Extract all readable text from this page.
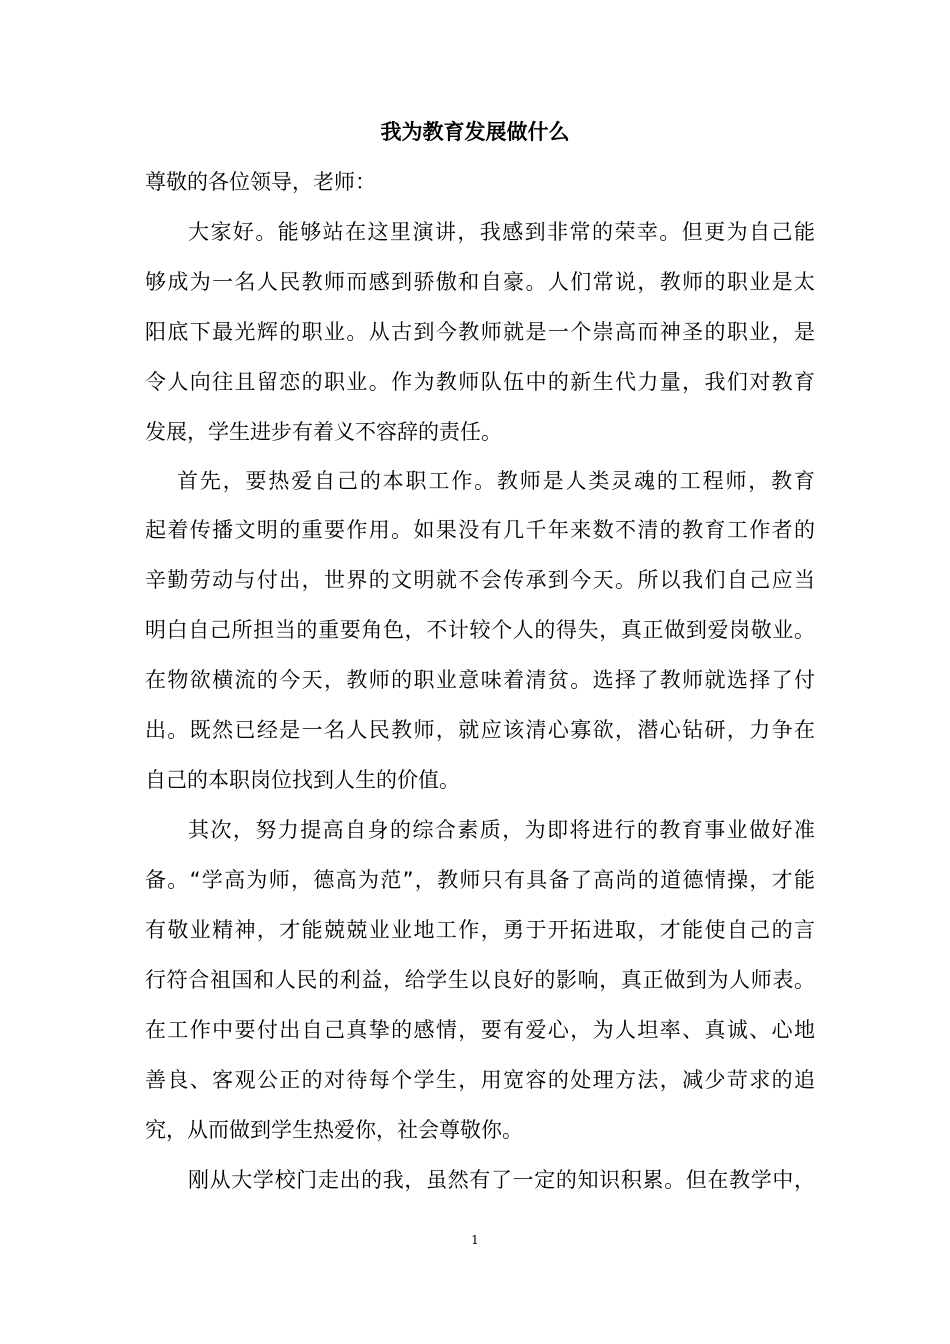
我为教育发展做什么
尊敬的各位领导，老师：
大家好。能够站在这里演讲，我感到非常的荣幸。但更为自己能
够成为一名人民教师而感到骄傲和自豪。人们常说，教师的职业是太
阳底下最光辉的职业。从古到今教师就是一个崇高而神圣的职业，是
令人向往且留恋的职业。作为教师队伍中的新生代力量，我们对教育
发展，学生进步有着义不容辞的责任。
首先，要热爱自己的本职工作。教师是人类灵魂的工程师，教育
起着传播文明的重要作用。如果没有几千年来数不清的教育工作者的
辛勤劳动与付出，世界的文明就不会传承到今天。所以我们自己应当
明白自己所担当的重要角色，不计较个人的得失，真正做到爱岗敬业。
在物欲横流的今天，教师的职业意味着清贫。选择了教师就选择了付
出。既然已经是一名人民教师，就应该清心寡欲，潜心钻研，力争在
自己的本职岗位找到人生的价值。
其次，努力提高自身的综合素质，为即将进行的教育事业做好准
备。“学高为师，德高为范”，教师只有具备了高尚的道德情操，才能
有敬业精神，才能兢兢业业地工作，勇于开拓进取，才能使自己的言
行符合祖国和人民的利益，给学生以良好的影响，真正做到为人师表。
在工作中要付出自己真挚的感情，要有爱心，为人坦率、真诚、心地
善良、客观公正的对待每个学生，用宽容的处理方法，减少苛求的追
究，从而做到学生热爱你，社会尊敬你。
刚从大学校门走出的我，虽然有了一定的知识积累。但在教学中，
1
